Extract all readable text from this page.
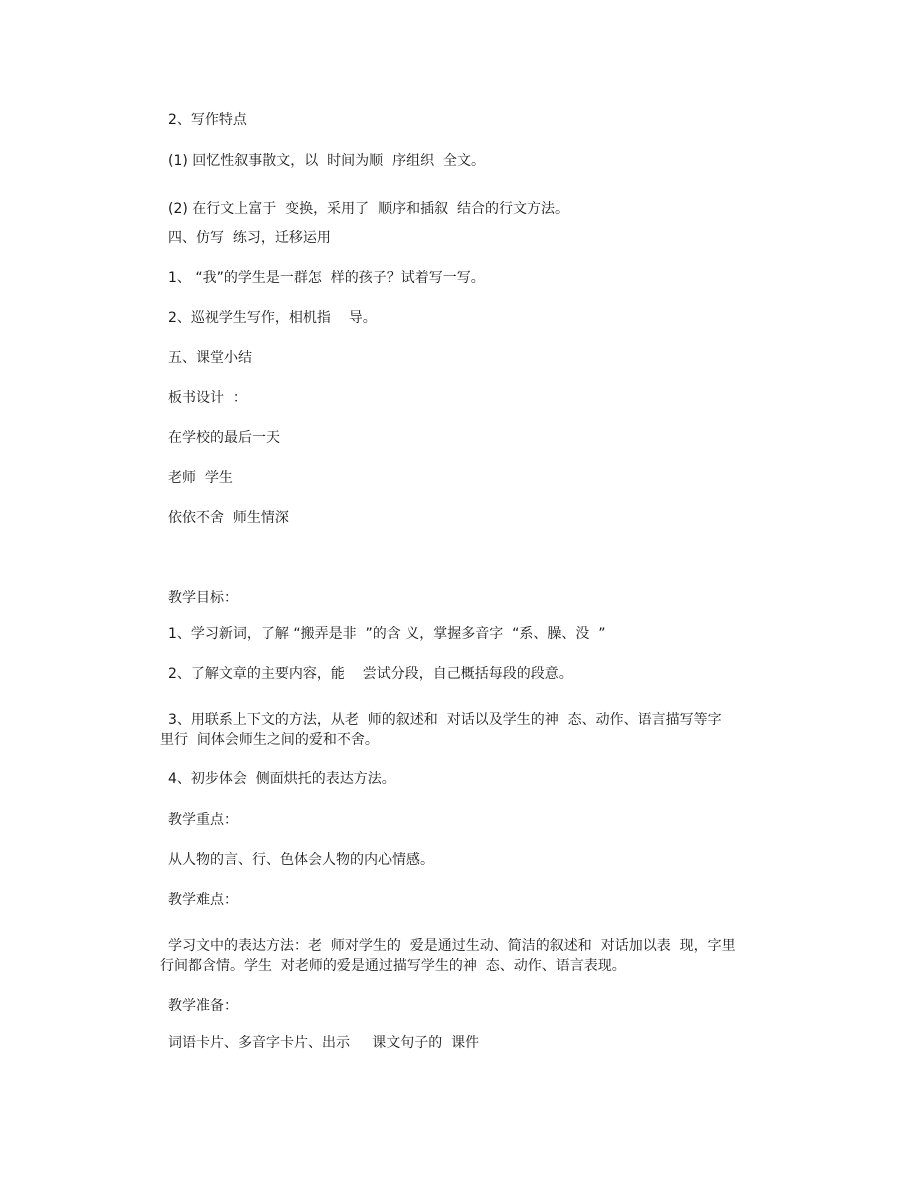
2、写作特点

(1) 回忆性叙事散文，以  时间为顺  序组织  全文。

(2) 在行文上富于  变换，采用了  顺序和插叙  结合的行文方法。

四、仿写  练习，迁移运用

1、 “我”的学生是一群怎  样的孩子？试着写一写。

2、巡视学生写作，相机指    导。

五、课堂小结

板书设计  ：

在学校的最后一天

老师  学生

依依不舍  师生情深

教学目标：

1、学习新词，了解 “搬弄是非  ”的含 义，掌握多音字  “系、臊、没  ”

2、了解文章的主要内容，能    尝试分段，自己概括每段的段意。

3、用联系上下文的方法，从老  师的叙述和  对话以及学生的神  态、动作、语言描写等字

里行  间体会师生之间的爱和不舍。

4、初步体会  侧面烘托的表达方法。

教学重点：

从人物的言、行、色体会人物的内心情感。

教学难点：

学习文中的表达方法：老  师对学生的  爱是通过生动、简洁的叙述和  对话加以表  现，字里

行间都含情。学生  对老师的爱是通过描写学生的神  态、动作、语言表现。

教学准备：

词语卡片、多音字卡片、出示     课文句子的  课件
